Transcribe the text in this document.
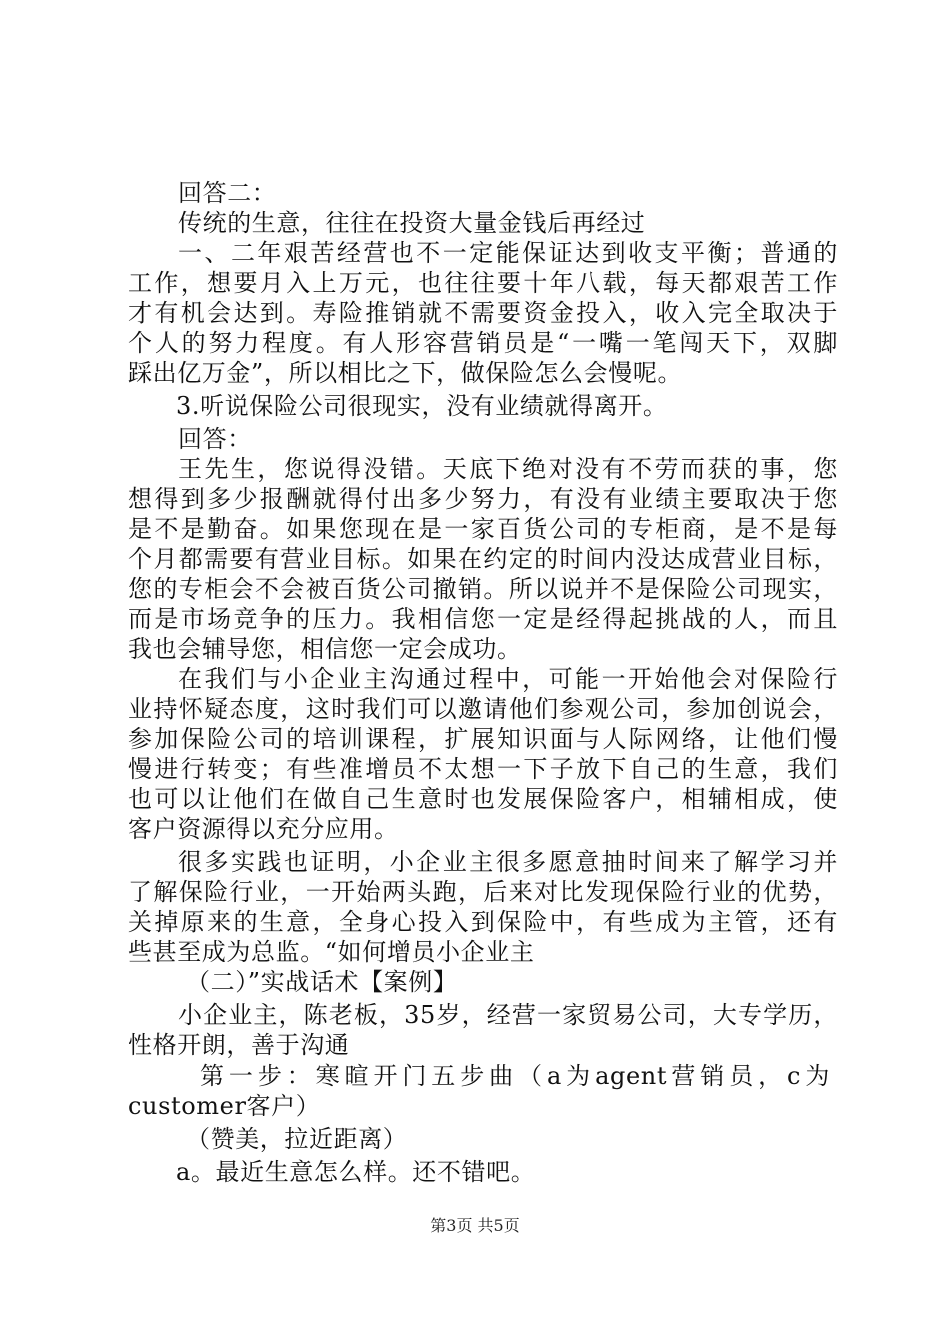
回答二：
传统的生意，往往在投资大量金钱后再经过
一、二年艰苦经营也不一定能保证达到收支平衡；普通的
工作，想要月入上万元，也往往要十年八载，每天都艰苦工作
才有机会达到。寿险推销就不需要资金投入，收入完全取决于
个人的努力程度。有人形容营销员是“一嘴一笔闯天下，双脚
踩出亿万金”，所以相比之下，做保险怎么会慢呢。
3.听说保险公司很现实，没有业绩就得离开。
回答：
王先生，您说得没错。天底下绝对没有不劳而获的事，您
想得到多少报酬就得付出多少努力，有没有业绩主要取决于您
是不是勤奋。如果您现在是一家百货公司的专柜商，是不是每
个月都需要有营业目标。如果在约定的时间内没达成营业目标，
您的专柜会不会被百货公司撤销。所以说并不是保险公司现实，
而是市场竞争的压力。我相信您一定是经得起挑战的人，而且
我也会辅导您，相信您一定会成功。
在我们与小企业主沟通过程中，可能一开始他会对保险行
业持怀疑态度，这时我们可以邀请他们参观公司，参加创说会，
参加保险公司的培训课程，扩展知识面与人际网络，让他们慢
慢进行转变；有些准增员不太想一下子放下自己的生意，我们
也可以让他们在做自己生意时也发展保险客户，相辅相成，使
客户资源得以充分应用。
很多实践也证明，小企业主很多愿意抽时间来了解学习并
了解保险行业，一开始两头跑，后来对比发现保险行业的优势，
关掉原来的生意，全身心投入到保险中，有些成为主管，还有
些甚至成为总监。“如何增员小企业主
（二）”实战话术【案例】
小企业主，陈老板，35岁，经营一家贸易公司，大专学历，
性格开朗，善于沟通
第一步：寒暄开门五步曲（a为agent营销员，c为
customer客户）
（赞美，拉近距离）
a。最近生意怎么样。还不错吧。
第3页 共5页
